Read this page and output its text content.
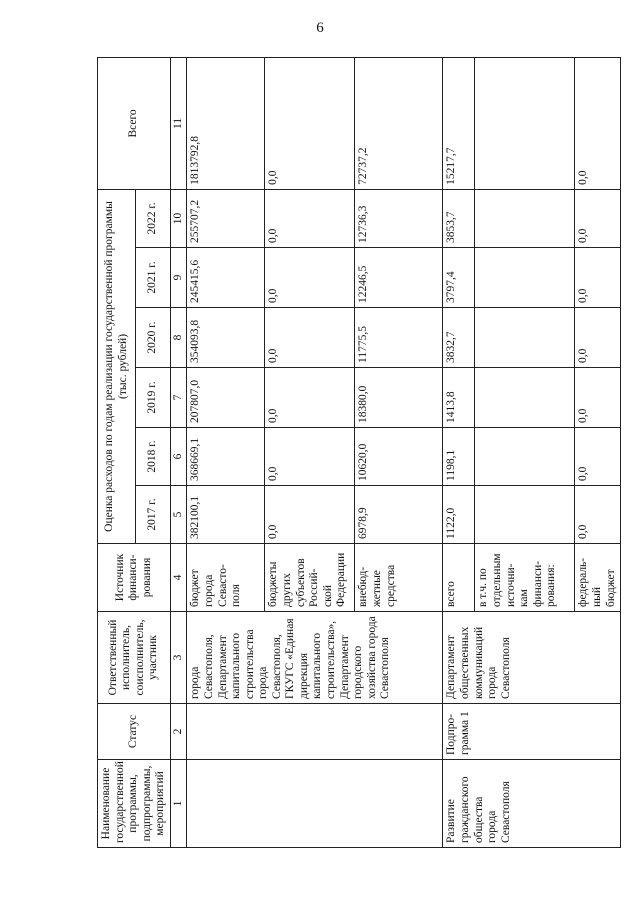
6
Наименование государственной программы, подпрограммы, мероприятий	Статус	Ответственный исполнитель, соисполнитель, участник	Источник финанси-рования	Оценка расходов по годам реализации государственной программы (тыс. рублей)						Всего
				2017 г.	2018 г.	2019 г.	2020 г.	2021 г.	2022 г.	
1	2	3	4	5	6	7	8	9	10	11
		города Севастополя, Департамент капитального строительства города Севастополя, ГКУГС «Единая дирекция капитального строительства», Департамент городского хозяйства города Севастополя	бюджет города Севасто-поля	382100,1	368669,1	207807,0	354093,8	245415,6	255707,2	1813792,8
			бюджеты других субъектов Россий-ской Федерации	0,0	0,0	0,0	0,0	0,0	0,0	0,0
			внебюд-жетные средства	6978,9	10620,0	18380,0	11775,5	12246,5	12736,3	72737,2
Развитие гражданского общества города Севастополя	Подпро-грамма 1	Департамент общественных коммуникаций города Севастополя	всего	1122,0	1198,1	1413,8	3832,7	3797,4	3853,7	15217,7
			в т.ч. по отдельным источни-кам финанси-рования:							
			федераль-ный бюджет	0,0	0,0	0,0	0,0	0,0	0,0	0,0
